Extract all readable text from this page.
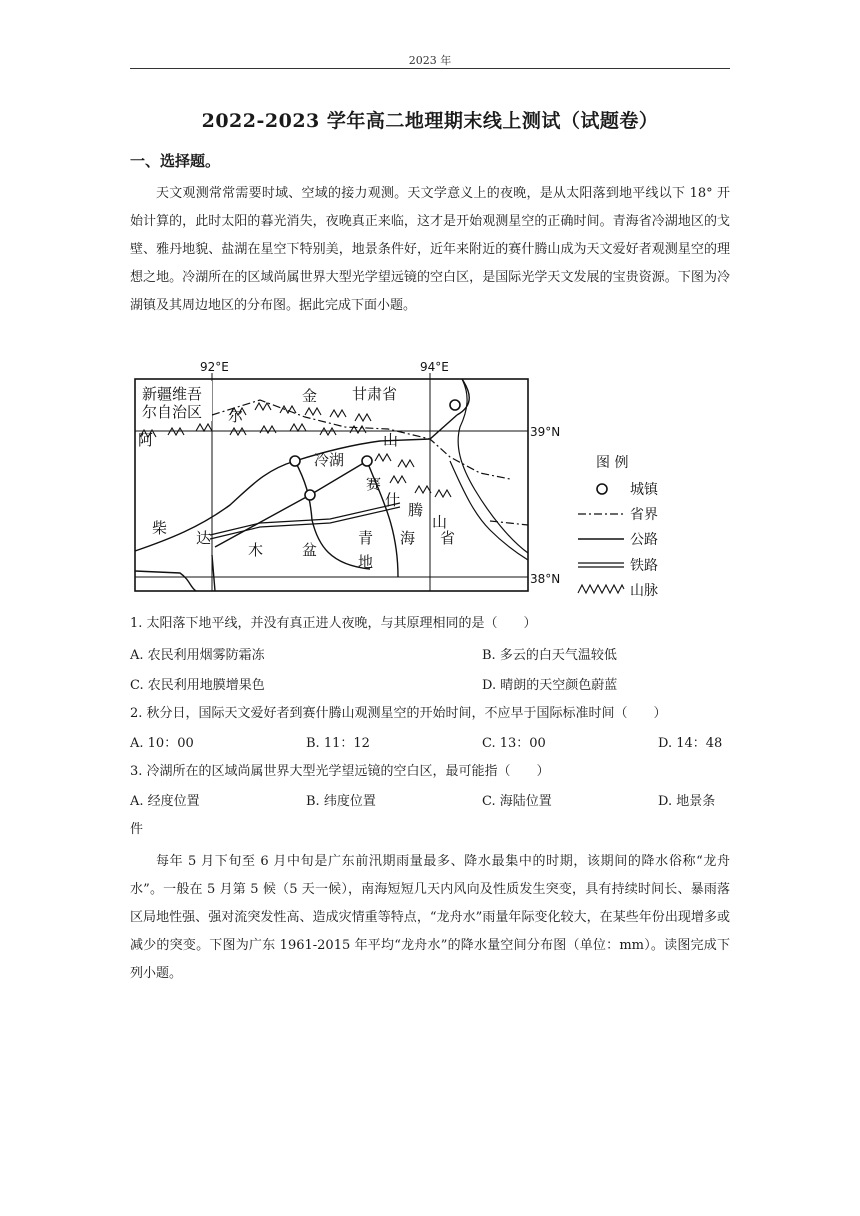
2023 年
2022-2023 学年高二地理期末线上测试（试题卷）
一、选择题。

天文观测常常需要时域、空域的接力观测。天文学意义上的夜晚，是从太阳落到地平线以下 18° 开始计算的，此时太阳的暮光消失，夜晚真正来临，这才是开始观测星空的正确时间。青海省冷湖地区的戈壁、雅丹地貌、盐湖在星空下特别美，地景条件好，近年来附近的赛什腾山成为天文爱好者观测星空的理想之地。冷湖所在的区域尚属世界大型光学望远镜的空白区，是国际光学天文发展的宝贵资源。下图为冷湖镇及其周边地区的分布图。据此完成下面小题。

92°E	94°E
39°N
38°N
新疆维吾
尔自治区
甘肃省
金
尔
阿	山
冷湖
赛
什
腾
山
柴
达
木	盆
青
地
海 省
图 例
城镇
省界
公路
铁路
山脉
1. 太阳落下地平线，并没有真正进人夜晚，与其原理相同的是（　　）
A. 农民利用烟雾防霜冻	B. 多云的白天气温较低
C. 农民利用地膜增果色	D. 晴朗的天空颜色蔚蓝
2. 秋分日，国际天文爱好者到赛什腾山观测星空的开始时间，不应早于国际标准时间（　　）
A. 10：00	B. 11：12	C. 13：00	D. 14：48
3. 冷湖所在的区域尚属世界大型光学望远镜的空白区，最可能指（　　）
A. 经度位置	B. 纬度位置	C. 海陆位置	D. 地景条
件

每年 5 月下旬至 6 月中旬是广东前汛期雨量最多、降水最集中的时期，该期间的降水俗称“龙舟水”。一般在 5 月第 5 候（5 天一候），南海短短几天内风向及性质发生突变，具有持续时间长、暴雨落区局地性强、强对流突发性高、造成灾情重等特点，“龙舟水”雨量年际变化较大，在某些年份出现增多或减少的突变。下图为广东 1961-2015 年平均“龙舟水”的降水量空间分布图（单位：mm）。读图完成下列小题。
